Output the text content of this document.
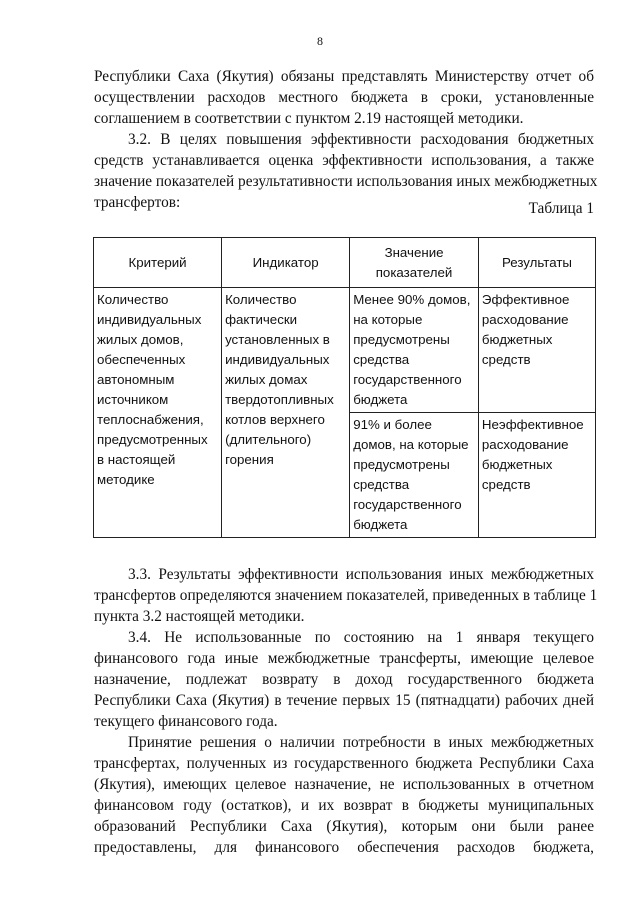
8
Республики Саха (Якутия) обязаны представлять Министерству отчет об
осуществлении расходов местного бюджета в сроки, установленные
соглашением в соответствии с пунктом 2.19 настоящей методики.
3.2. В целях повышения эффективности расходования бюджетных
средств устанавливается оценка эффективности использования, а также
значение показателей результативности использования иных межбюджетных
трансфертов:	Таблица 1
Критерий	Индикатор	Значение показателей	Результаты
Количество индивидуальных жилых домов, обеспеченных автономным источником теплоснабжения, предусмотренных в настоящей методике	Количество фактически установленных в индивидуальных жилых домах твердотопливных котлов верхнего (длительного) горения	Менее 90% домов, на которые предусмотрены средства государственного бюджета	Эффективное расходование бюджетных средств
		91% и более домов, на которые предусмотрены средства государственного бюджета	Неэффективное расходование бюджетных средств
3.3. Результаты эффективности использования иных межбюджетных
трансфертов определяются значением показателей, приведенных в таблице 1
пункта 3.2 настоящей методики.
3.4. Не использованные по состоянию на 1 января текущего
финансового года иные межбюджетные трансферты, имеющие целевое
назначение, подлежат возврату в доход государственного бюджета
Республики Саха (Якутия) в течение первых 15 (пятнадцати) рабочих дней
текущего финансового года.
Принятие решения о наличии потребности в иных межбюджетных
трансфертах, полученных из государственного бюджета Республики Саха
(Якутия), имеющих целевое назначение, не использованных в отчетном
финансовом году (остатков), и их возврат в бюджеты муниципальных
образований Республики Саха (Якутия), которым они были ранее
предоставлены, для финансового обеспечения расходов бюджета,
